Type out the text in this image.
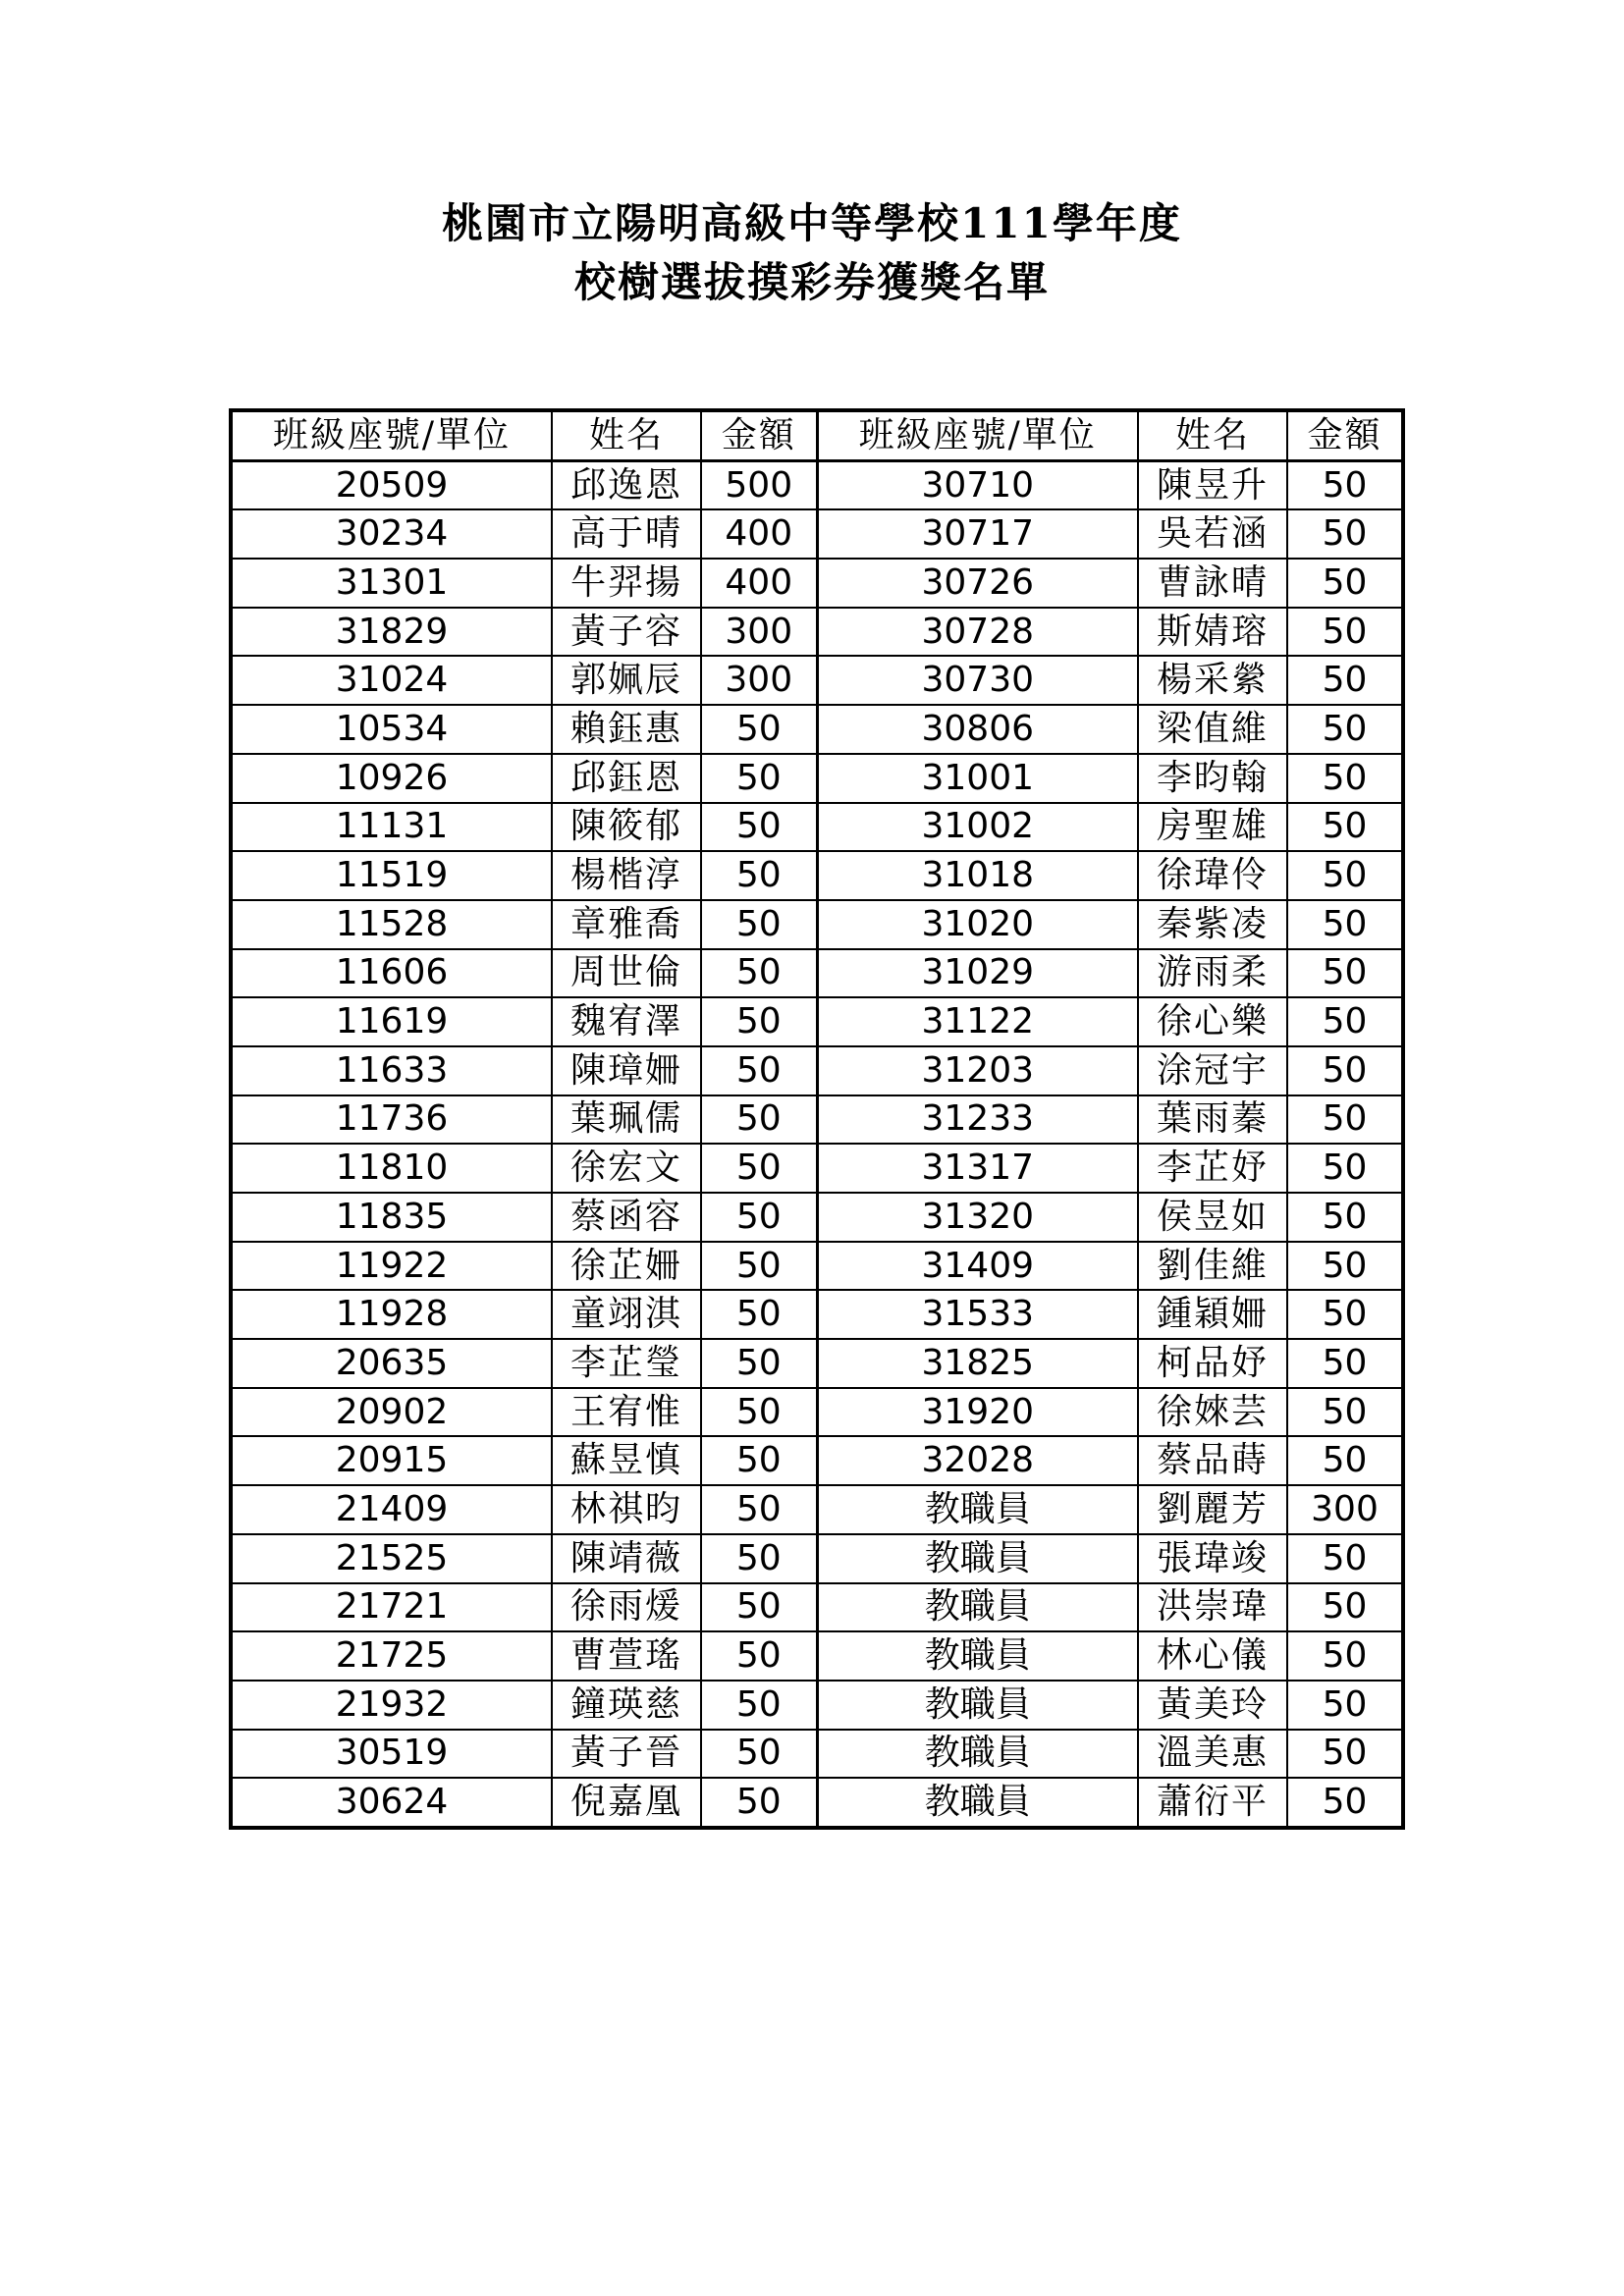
桃園市立陽明高級中等學校111學年度
校樹選拔摸彩券獲獎名單
班級座號/單位	姓名	金額	班級座號/單位	姓名	金額
20509	邱逸恩	500	30710	陳昱升	50
30234	高于晴	400	30717	吳若涵	50
31301	牛羿揚	400	30726	曹詠晴	50
31829	黃子容	300	30728	斯婧瑢	50
31024	郭姵辰	300	30730	楊采縈	50
10534	賴鈺惠	50	30806	梁值維	50
10926	邱鈺恩	50	31001	李昀翰	50
11131	陳筱郁	50	31002	房聖雄	50
11519	楊楷淳	50	31018	徐瑋伶	50
11528	章雅喬	50	31020	秦紫凌	50
11606	周世倫	50	31029	游雨柔	50
11619	魏宥澤	50	31122	徐心樂	50
11633	陳璋姍	50	31203	涂冠宇	50
11736	葉珮儒	50	31233	葉雨蓁	50
11810	徐宏文	50	31317	李芷妤	50
11835	蔡函容	50	31320	侯昱如	50
11922	徐芷姍	50	31409	劉佳維	50
11928	童翊淇	50	31533	鍾穎姍	50
20635	李芷瑩	50	31825	柯品妤	50
20902	王宥惟	50	31920	徐婡芸	50
20915	蘇昱慎	50	32028	蔡品蒔	50
21409	林祺昀	50	教職員	劉麗芳	300
21525	陳靖薇	50	教職員	張瑋竣	50
21721	徐雨煖	50	教職員	洪崇瑋	50
21725	曹萱瑤	50	教職員	林心儀	50
21932	鐘瑛慈	50	教職員	黃美玲	50
30519	黃子晉	50	教職員	溫美惠	50
30624	倪嘉凰	50	教職員	蕭衍平	50
